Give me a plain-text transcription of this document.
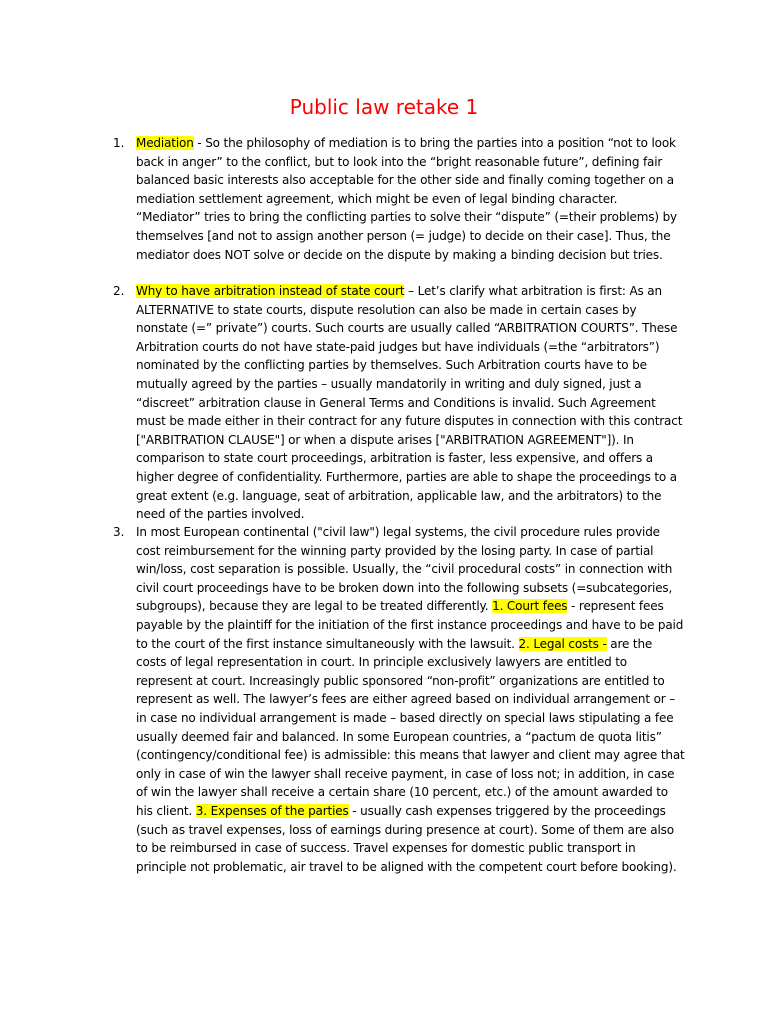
Public law retake 1
1. Mediation - So the philosophy of mediation is to bring the parties into a position “not to look back in anger” to the conflict, but to look into the “bright reasonable future”, defining fair balanced basic interests also acceptable for the other side and finally coming together on a mediation settlement agreement, which might be even of legal binding character.
“Mediator” tries to bring the conflicting parties to solve their “dispute” (=their problems) by themselves [and not to assign another person (= judge) to decide on their case]. Thus, the mediator does NOT solve or decide on the dispute by making a binding decision but tries.
2. Why to have arbitration instead of state court – Let’s clarify what arbitration is first: As an ALTERNATIVE to state courts, dispute resolution can also be made in certain cases by nonstate (=” private”) courts. Such courts are usually called “ARBITRATION COURTS”. These Arbitration courts do not have state-paid judges but have individuals (=the “arbitrators”) nominated by the conflicting parties by themselves. Such Arbitration courts have to be mutually agreed by the parties – usually mandatorily in writing and duly signed, just a “discreet” arbitration clause in General Terms and Conditions is invalid. Such Agreement must be made either in their contract for any future disputes in connection with this contract ["ARBITRATION CLAUSE"] or when a dispute arises ["ARBITRATION AGREEMENT"]). In comparison to state court proceedings, arbitration is faster, less expensive, and offers a higher degree of confidentiality. Furthermore, parties are able to shape the proceedings to a great extent (e.g. language, seat of arbitration, applicable law, and the arbitrators) to the need of the parties involved.
3. In most European continental ("civil law") legal systems, the civil procedure rules provide cost reimbursement for the winning party provided by the losing party. In case of partial win/loss, cost separation is possible. Usually, the “civil procedural costs” in connection with civil court proceedings have to be broken down into the following subsets (=subcategories, subgroups), because they are legal to be treated differently. 1. Court fees - represent fees payable by the plaintiff for the initiation of the first instance proceedings and have to be paid to the court of the first instance simultaneously with the lawsuit. 2. Legal costs - are the costs of legal representation in court. In principle exclusively lawyers are entitled to represent at court. Increasingly public sponsored “non-profit” organizations are entitled to represent as well. The lawyer’s fees are either agreed based on individual arrangement or – in case no individual arrangement is made – based directly on special laws stipulating a fee usually deemed fair and balanced. In some European countries, a “pactum de quota litis” (contingency/conditional fee) is admissible: this means that lawyer and client may agree that only in case of win the lawyer shall receive payment, in case of loss not; in addition, in case of win the lawyer shall receive a certain share (10 percent, etc.) of the amount awarded to his client. 3. Expenses of the parties - usually cash expenses triggered by the proceedings (such as travel expenses, loss of earnings during presence at court). Some of them are also to be reimbursed in case of success. Travel expenses for domestic public transport in principle not problematic, air travel to be aligned with the competent court before booking).
